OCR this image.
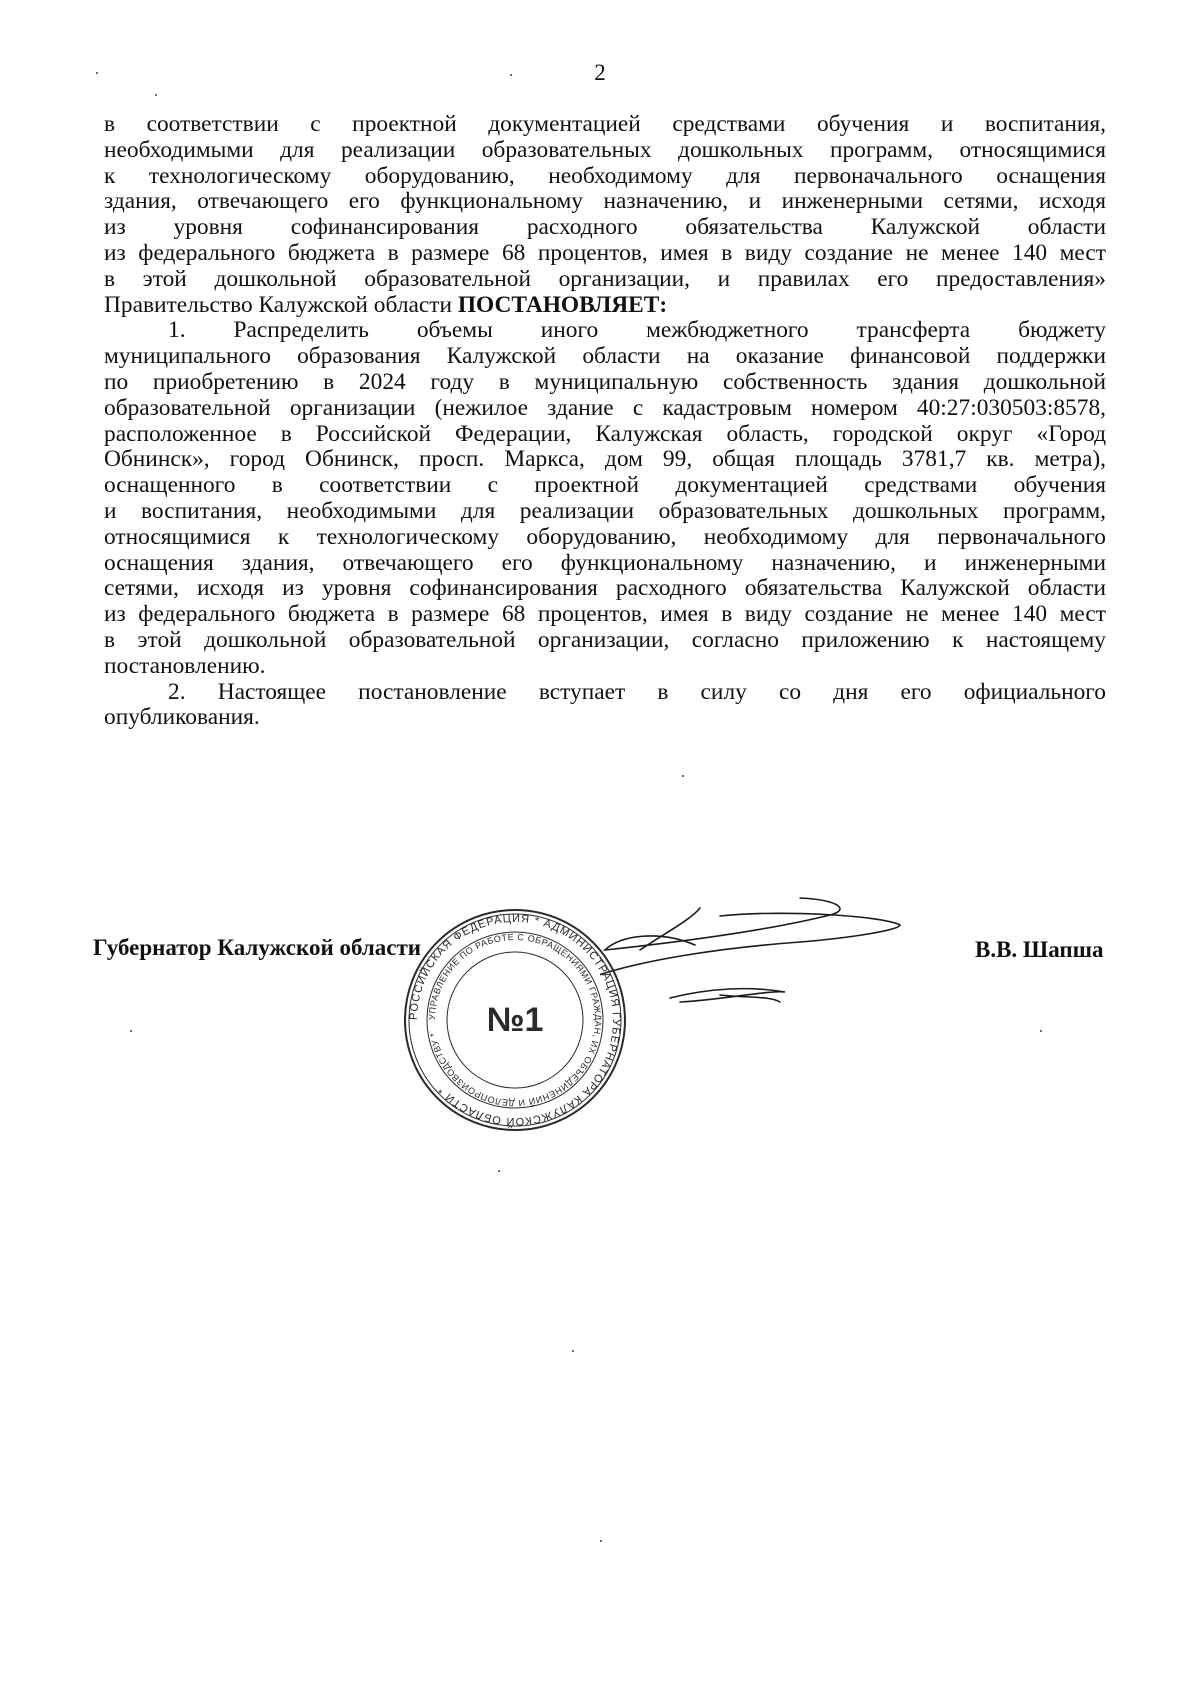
2
в соответствии с проектной документацией средствами обучения и воспитания,
необходимыми для реализации образовательных дошкольных программ, относящимися
к технологическому оборудованию, необходимому для первоначального оснащения
здания, отвечающего его функциональному назначению, и инженерными сетями, исходя
из уровня софинансирования расходного обязательства Калужской области
из федерального бюджета в размере 68 процентов, имея в виду создание не менее 140 мест
в этой дошкольной образовательной организации, и правилах его предоставления»
Правительство Калужской области ПОСТАНОВЛЯЕТ:
1. Распределить объемы иного межбюджетного трансферта бюджету
муниципального образования Калужской области на оказание финансовой поддержки
по приобретению в 2024 году в муниципальную собственность здания дошкольной
образовательной организации (нежилое здание с кадастровым номером 40:27:030503:8578,
расположенное в Российской Федерации, Калужская область, городской округ «Город
Обнинск», город Обнинск, просп. Маркса, дом 99, общая площадь 3781,7 кв. метра),
оснащенного в соответствии с проектной документацией средствами обучения
и воспитания, необходимыми для реализации образовательных дошкольных программ,
относящимися к технологическому оборудованию, необходимому для первоначального
оснащения здания, отвечающего его функциональному назначению, и инженерными
сетями, исходя из уровня софинансирования расходного обязательства Калужской области
из федерального бюджета в размере 68 процентов, имея в виду создание не менее 140 мест
в этой дошкольной образовательной организации, согласно приложению к настоящему
постановлению.
2. Настоящее постановление вступает в силу со дня его официального
опубликования.
РОССИЙСКАЯ ФЕДЕРАЦИЯ * АДМИНИСТРАЦИЯ ГУБЕРНАТОРА КАЛУЖСКОЙ ОБЛАСТИ *
УПРАВЛЕНИЕ ПО РАБОТЕ С ОБРАЩЕНИЯМИ ГРАЖДАН, ИХ ОБЪЕДИНЕНИЙ И ДЕЛОПРОИЗВОДСТВУ *	№1
Губернатор Калужской области	В.В. Шапша
